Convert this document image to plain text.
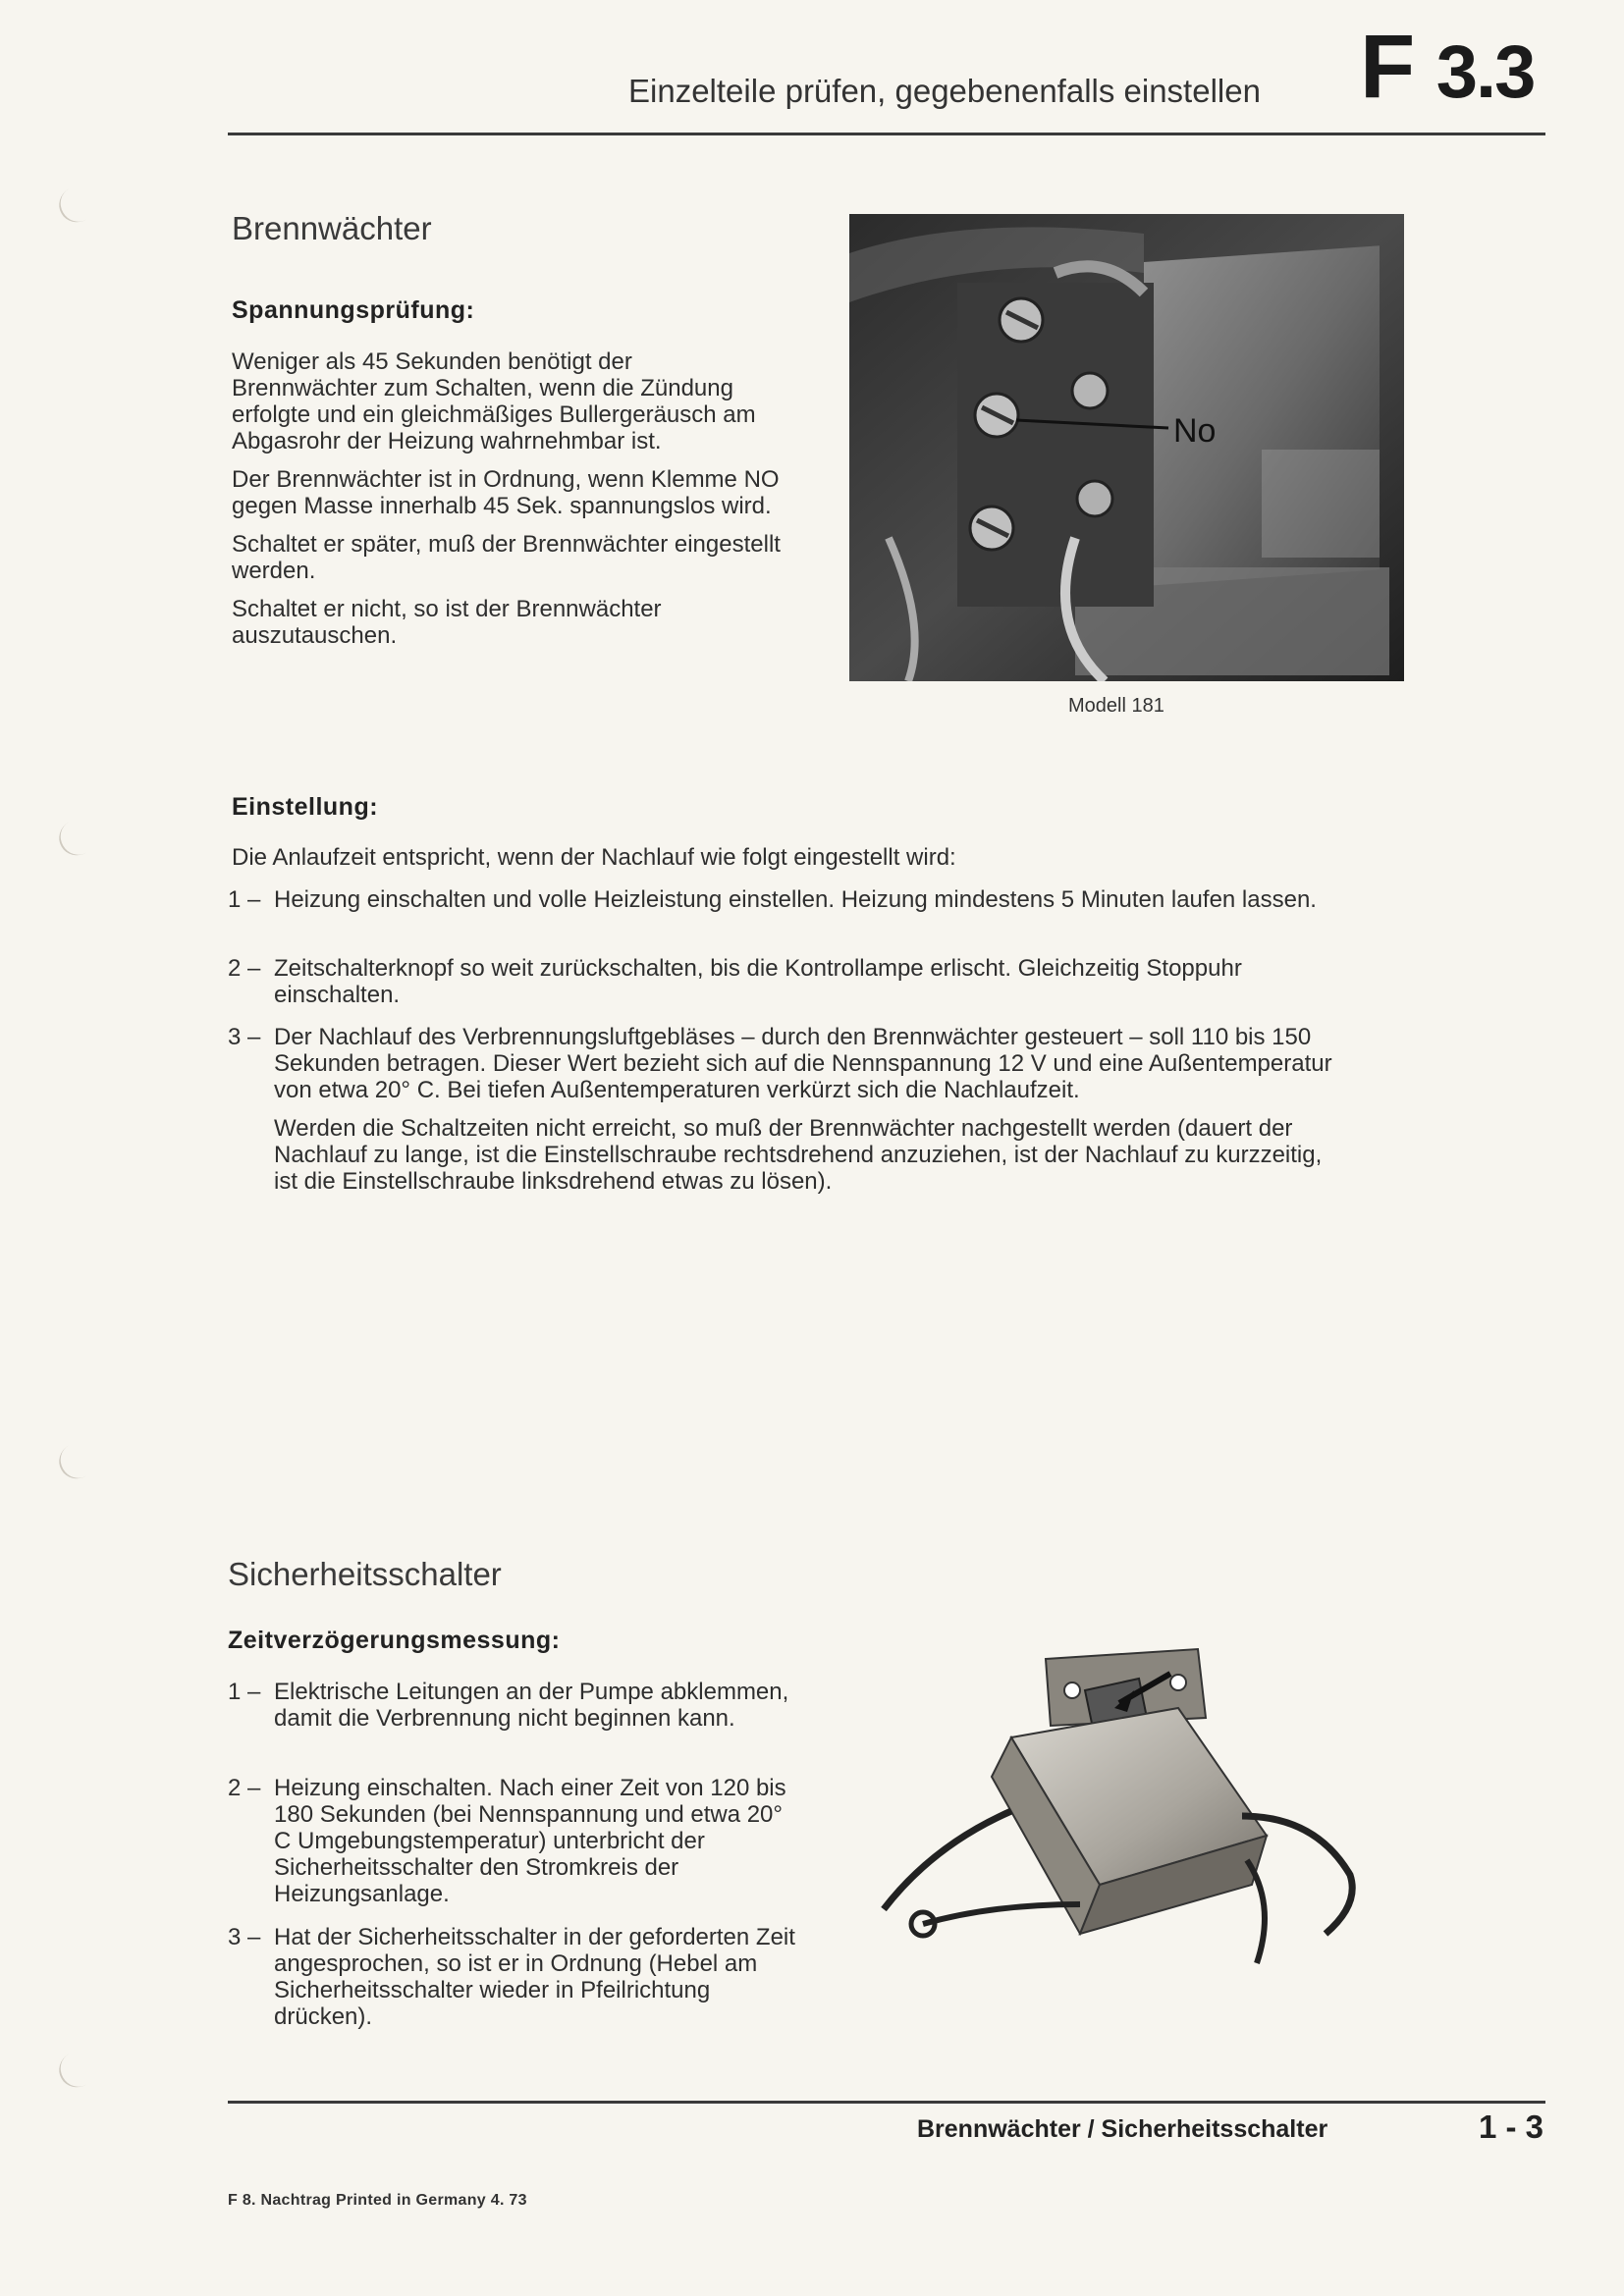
Einzelteile prüfen, gegebenenfalls einstellen F 3.3
Brennwächter
Spannungsprüfung:

Weniger als 45 Sekunden benötigt der Brennwächter zum Schalten, wenn die Zündung erfolgte und ein gleichmäßiges Bullergeräusch am Abgasrohr der Heizung wahrnehmbar ist.

Der Brennwächter ist in Ordnung, wenn Klemme NO gegen Masse innerhalb 45 Sek. spannungslos wird.

Schaltet er später, muß der Brennwächter eingestellt werden.

Schaltet er nicht, so ist der Brennwächter auszutauschen.

No
Modell 181
Einstellung:
Die Anlaufzeit entspricht, wenn der Nachlauf wie folgt eingestellt wird:
1 – Heizung einschalten und volle Heizleistung einstellen. Heizung mindestens 5 Minuten laufen lassen.
2 – Zeitschalterknopf so weit zurückschalten, bis die Kontrollampe erlischt. Gleichzeitig Stoppuhr einschalten.
3 – Der Nachlauf des Verbrennungsluftgebläses – durch den Brennwächter gesteuert – soll 110 bis 150 Sekunden betragen. Dieser Wert bezieht sich auf die Nennspannung 12 V und eine Außentemperatur von etwa 20° C. Bei tiefen Außentemperaturen verkürzt sich die Nachlaufzeit.
Werden die Schaltzeiten nicht erreicht, so muß der Brennwächter nachgestellt werden (dauert der Nachlauf zu lange, ist die Einstellschraube rechtsdrehend anzuziehen, ist der Nachlauf zu kurzzeitig, ist die Einstellschraube linksdrehend etwas zu lösen).
Sicherheitsschalter
Zeitverzögerungsmessung:
1 – Elektrische Leitungen an der Pumpe abklemmen, damit die Verbrennung nicht beginnen kann.
2 – Heizung einschalten. Nach einer Zeit von 120 bis 180 Sekunden (bei Nennspannung und etwa 20° C Umgebungstemperatur) unterbricht der Sicherheitsschalter den Stromkreis der Heizungsanlage.
3 – Hat der Sicherheitsschalter in der geforderten Zeit angesprochen, so ist er in Ordnung (Hebel am Sicherheitsschalter wieder in Pfeilrichtung drücken).
Brennwächter / Sicherheitsschalter	1 - 3
F 8. Nachtrag Printed in Germany 4. 73
